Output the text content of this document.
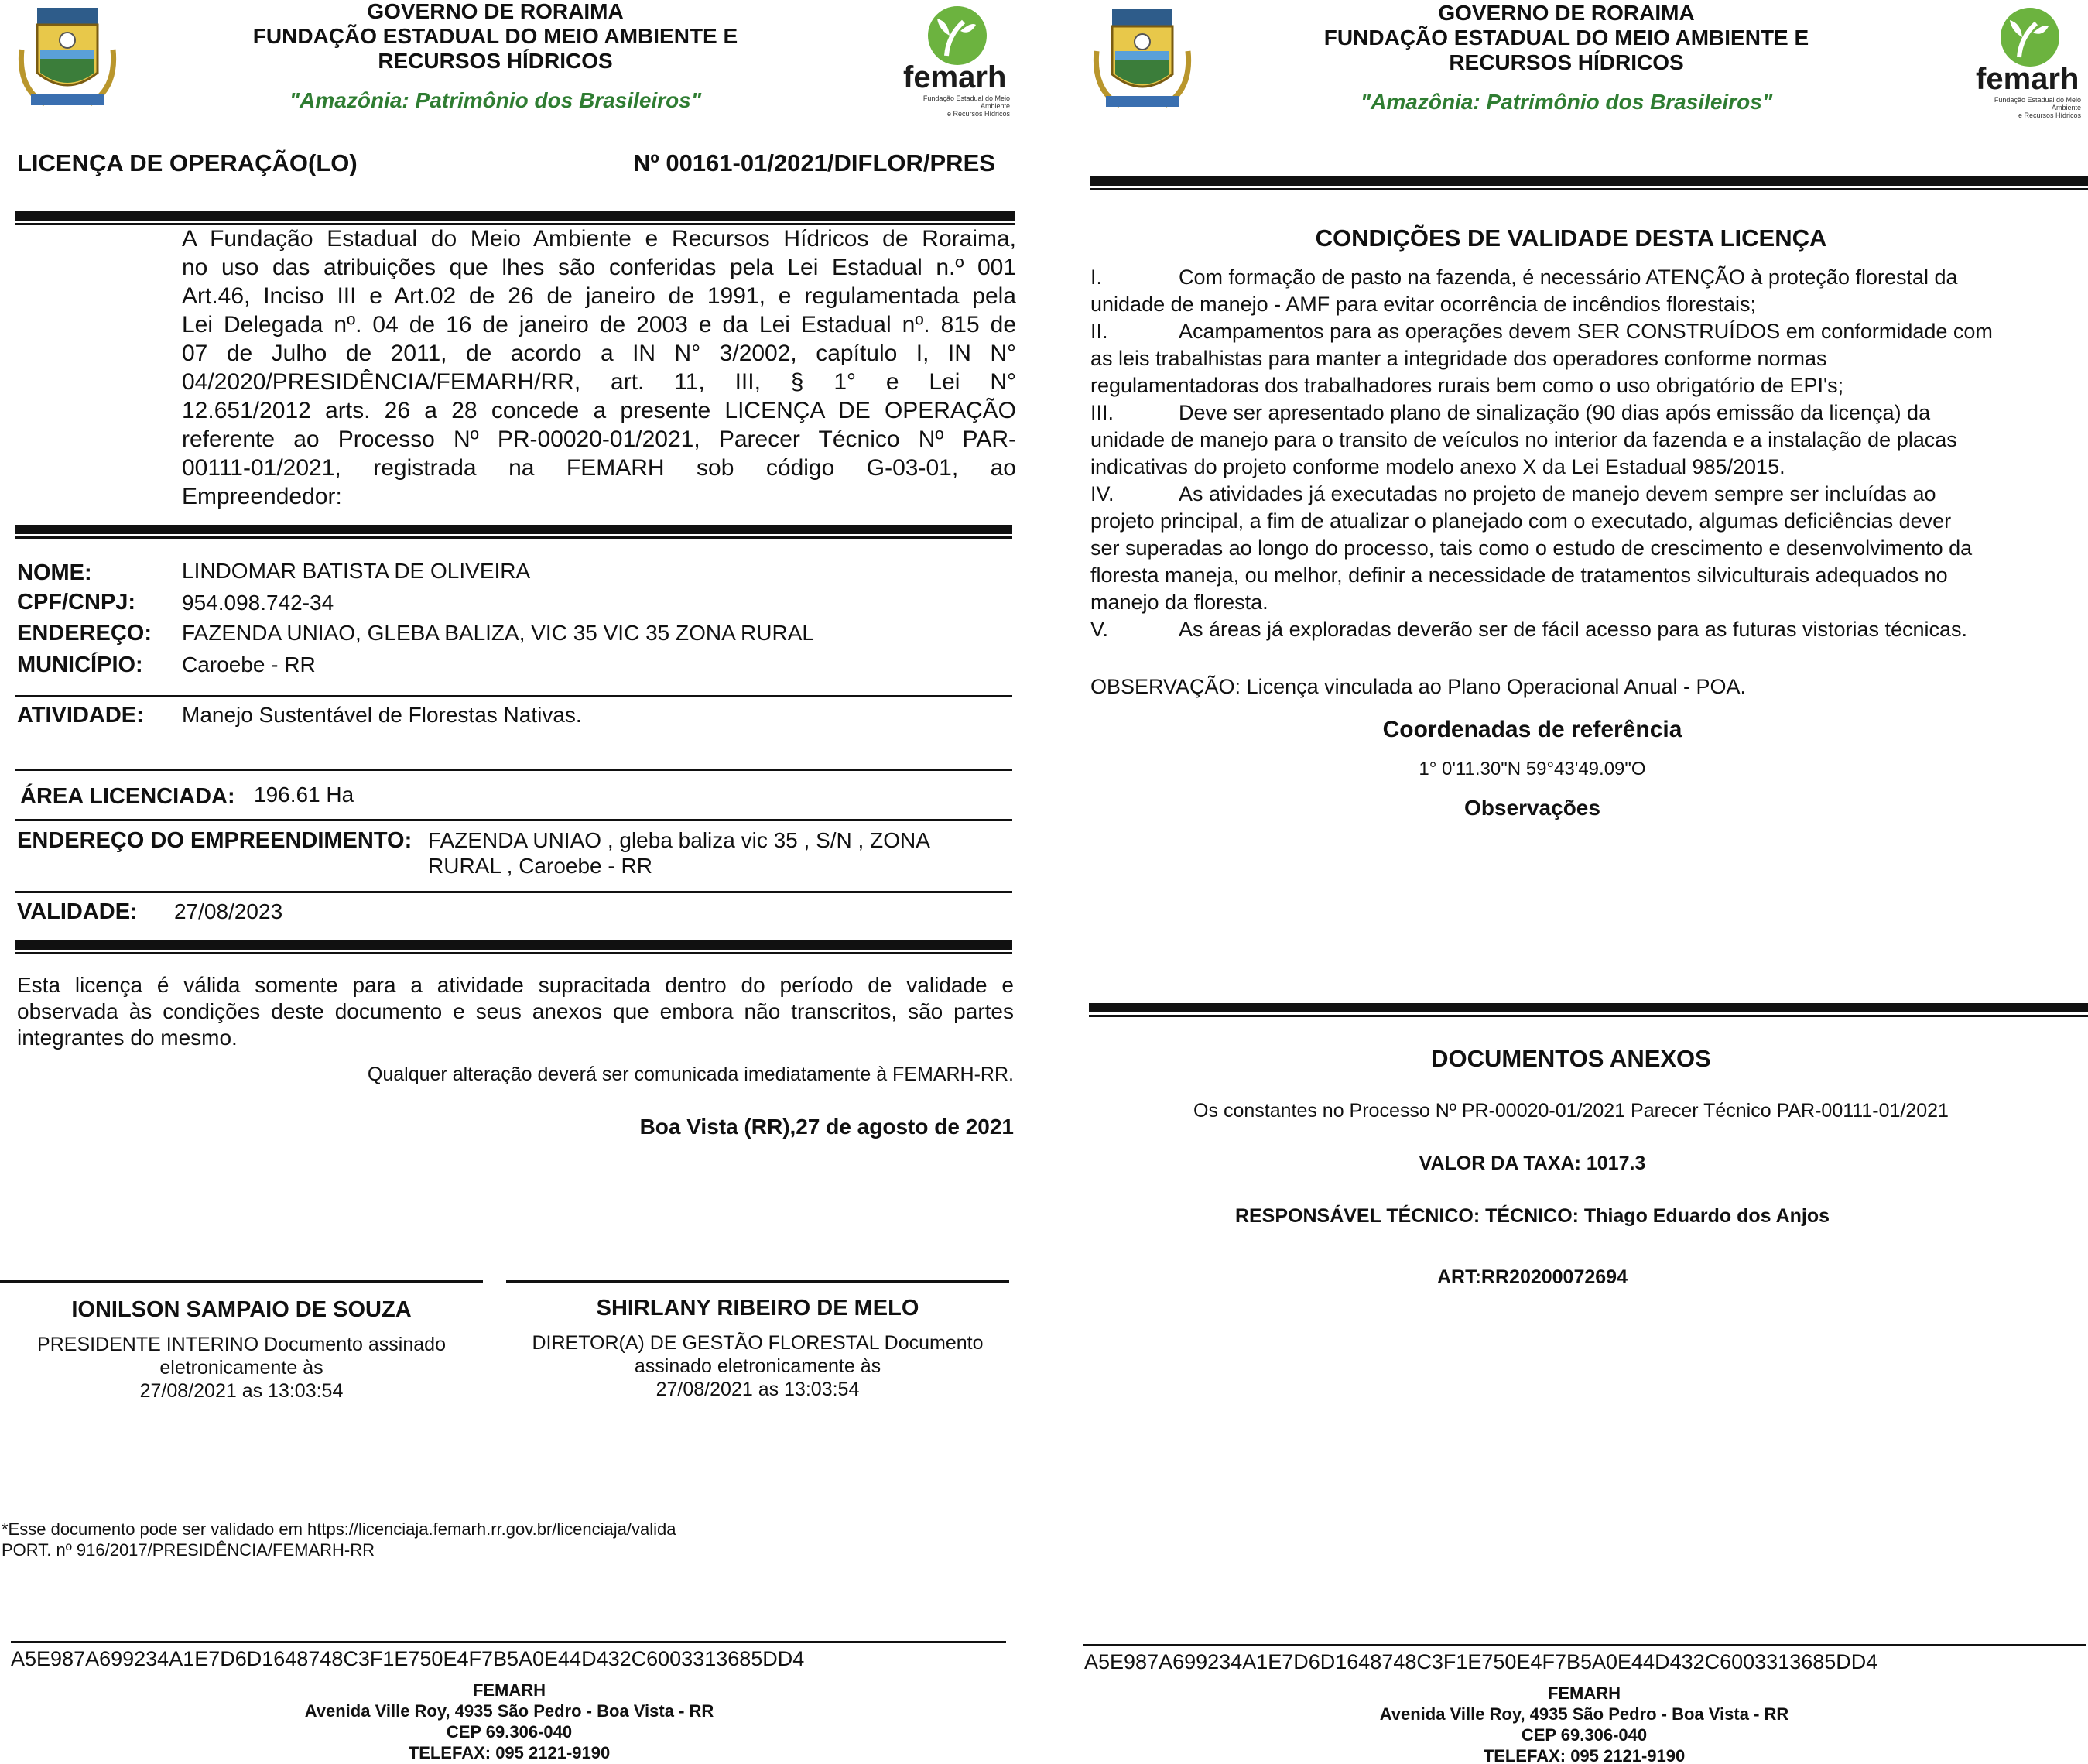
GOVERNO DE RORAIMA
FUNDAÇÃO ESTADUAL DO MEIO AMBIENTE E
RECURSOS HÍDRICOS
"Amazônia: Patrimônio dos Brasileiros"
femarh
Fundação Estadual do Meio Ambiente
e Recursos Hídricos
LICENÇA DE OPERAÇÃO(LO)	Nº 00161-01/2021/DIFLOR/PRES
A Fundação Estadual do Meio Ambiente e Recursos Hídricos de Roraima,
no uso das atribuições que lhes são conferidas pela Lei Estadual n.º 001
Art.46, Inciso III e Art.02 de 26 de janeiro de 1991, e regulamentada pela
Lei Delegada nº. 04 de 16 de janeiro de 2003 e da Lei Estadual nº. 815 de
07 de Julho de 2011, de acordo a IN N° 3/2002, capítulo I, IN N°
04/2020/PRESIDÊNCIA/FEMARH/RR, art. 11, III, § 1° e Lei N°
12.651/2012 arts. 26 a 28 concede a presente LICENÇA DE OPERAÇÃO
referente ao Processo Nº PR-00020-01/2021, Parecer Técnico Nº PAR-
00111-01/2021, registrada na FEMARH sob código G-03-01, ao
Empreendedor:
NOME:	LINDOMAR BATISTA DE OLIVEIRA
CPF/CNPJ: 954.098.742-34
ENDEREÇO: FAZENDA UNIAO, GLEBA BALIZA, VIC 35 VIC 35 ZONA RURAL
MUNICÍPIO: Caroebe - RR
ATIVIDADE: Manejo Sustentável de Florestas Nativas.
ÁREA LICENCIADA: 196.61 Ha
ENDEREÇO DO EMPREENDIMENTO: FAZENDA UNIAO , gleba baliza vic 35 , S/N , ZONA
RURAL , Caroebe - RR
VALIDADE: 27/08/2023
Esta licença é válida somente para a atividade supracitada dentro do período de validade e
observada às condições deste documento e seus anexos que embora não transcritos, são partes
integrantes do mesmo.
Qualquer alteração deverá ser comunicada imediatamente à FEMARH-RR.
Boa Vista (RR),27 de agosto de 2021
IONILSON SAMPAIO DE SOUZA
PRESIDENTE INTERINO Documento assinado
eletronicamente às
27/08/2021 as 13:03:54
SHIRLANY RIBEIRO DE MELO
DIRETOR(A) DE GESTÃO FLORESTAL Documento
assinado eletronicamente às
27/08/2021 as 13:03:54
*Esse documento pode ser validado em https://licenciaja.femarh.rr.gov.br/licenciaja/valida
PORT. nº 916/2017/PRESIDÊNCIA/FEMARH-RR
A5E987A699234A1E7D6D1648748C3F1E750E4F7B5A0E44D432C6003313685DD4
FEMARH
Avenida Ville Roy, 4935 São Pedro - Boa Vista - RR
CEP 69.306-040
TELEFAX: 095 2121-9190
GOVERNO DE RORAIMA
FUNDAÇÃO ESTADUAL DO MEIO AMBIENTE E
RECURSOS HÍDRICOS
"Amazônia: Patrimônio dos Brasileiros"
femarh
Fundação Estadual do Meio Ambiente
e Recursos Hídricos
CONDIÇÕES DE VALIDADE DESTA LICENÇA
I.	Com formação de pasto na fazenda, é necessário ATENÇÃO à proteção florestal da
unidade de manejo - AMF para evitar ocorrência de incêndios florestais;
II.	Acampamentos para as operações devem SER CONSTRUÍDOS em conformidade com
as leis trabalhistas para manter a integridade dos operadores conforme normas
regulamentadoras dos trabalhadores rurais bem como o uso obrigatório de EPI's;
III.	Deve ser apresentado plano de sinalização (90 dias após emissão da licença) da
unidade de manejo para o transito de veículos no interior da fazenda e a instalação de placas
indicativas do projeto conforme modelo anexo X da Lei Estadual 985/2015.
IV.	As atividades já executadas no projeto de manejo devem sempre ser incluídas ao
projeto principal, a fim de atualizar o planejado com o executado, algumas deficiências dever
ser superadas ao longo do processo, tais como o estudo de crescimento e desenvolvimento da
floresta maneja, ou melhor, definir a necessidade de tratamentos silviculturais adequados no
manejo da floresta.
V.	As áreas já exploradas deverão ser de fácil acesso para as futuras vistorias técnicas.
OBSERVAÇÃO: Licença vinculada ao Plano Operacional Anual - POA.
Coordenadas de referência
1° 0'11.30"N 59°43'49.09"O
Observações
DOCUMENTOS ANEXOS
Os constantes no Processo Nº PR-00020-01/2021 Parecer Técnico PAR-00111-01/2021
VALOR DA TAXA: 1017.3
RESPONSÁVEL TÉCNICO: TÉCNICO: Thiago Eduardo dos Anjos
ART:RR20200072694
A5E987A699234A1E7D6D1648748C3F1E750E4F7B5A0E44D432C6003313685DD4
FEMARH
Avenida Ville Roy, 4935 São Pedro - Boa Vista - RR
CEP 69.306-040
TELEFAX: 095 2121-9190
